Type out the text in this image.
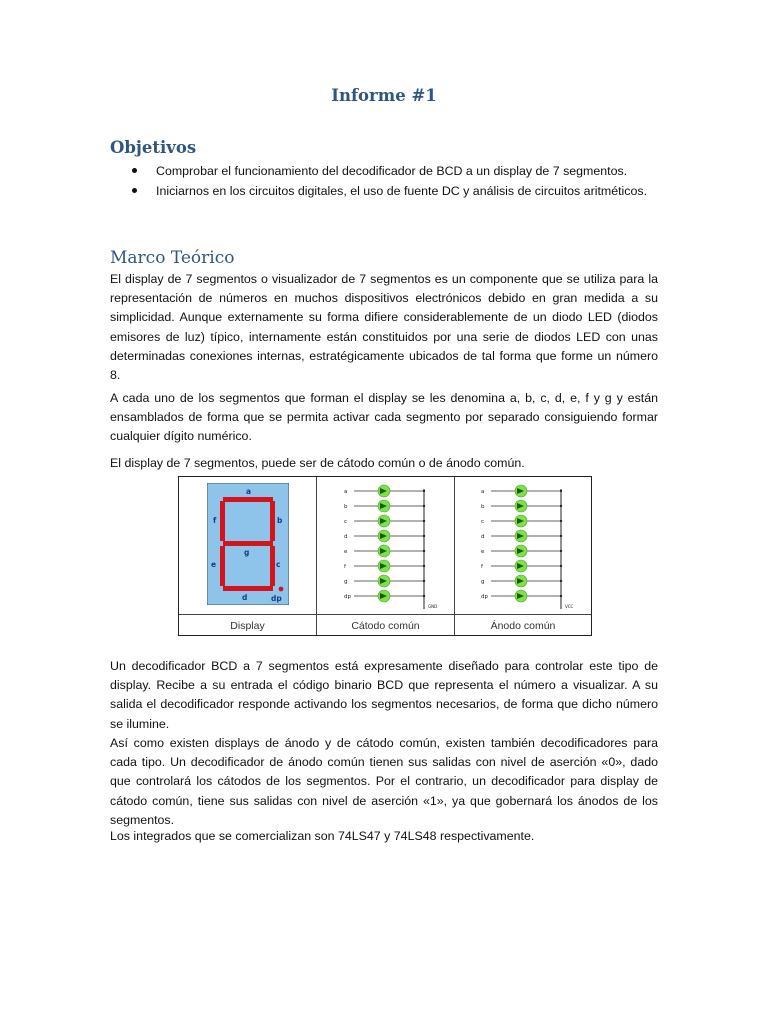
Informe #1
Objetivos
Comprobar el funcionamiento del decodificador de BCD a un display de 7 segmentos.
Iniciarnos en los circuitos digitales, el uso de fuente DC y análisis de circuitos aritméticos.
Marco Teórico
El display de 7 segmentos o visualizador de 7 segmentos es un componente que se utiliza para la representación de números en muchos dispositivos electrónicos debido en gran medida a su simplicidad. Aunque externamente su forma difiere considerablemente de un diodo LED (diodos emisores de luz) típico, internamente están constituidos por una serie de diodos LED con unas determinadas conexiones internas, estratégicamente ubicados de tal forma que forme un número 8.
A cada uno de los segmentos que forman el display se les denomina a, b, c, d, e, f y g y están ensamblados de forma que se permita activar cada segmento por separado consiguiendo formar cualquier dígito numérico.
El display de 7 segmentos, puede ser de cátodo común o de ánodo común.
a
b
c
d
e
f
g
dp
a
b
c
d
e
f
g
dp
GND
a
b
c
d
e
f
g
dp
VCC
Display	Cátodo común	Ánodo común
Un decodificador BCD a 7 segmentos está expresamente diseñado para controlar este tipo de display. Recibe a su entrada el código binario BCD que representa el número a visualizar. A su salida el decodificador responde activando los segmentos necesarios, de forma que dicho número se ilumine.
Así como existen displays de ánodo y de cátodo común, existen también decodificadores para cada tipo. Un decodificador de ánodo común tienen sus salidas con nivel de aserción «0», dado que controlará los cátodos de los segmentos. Por el contrario, un decodificador para display de cátodo común, tiene sus salidas con nivel de aserción «1», ya que gobernará los ánodos de los segmentos.
Los integrados que se comercializan son 74LS47 y 74LS48 respectivamente.
